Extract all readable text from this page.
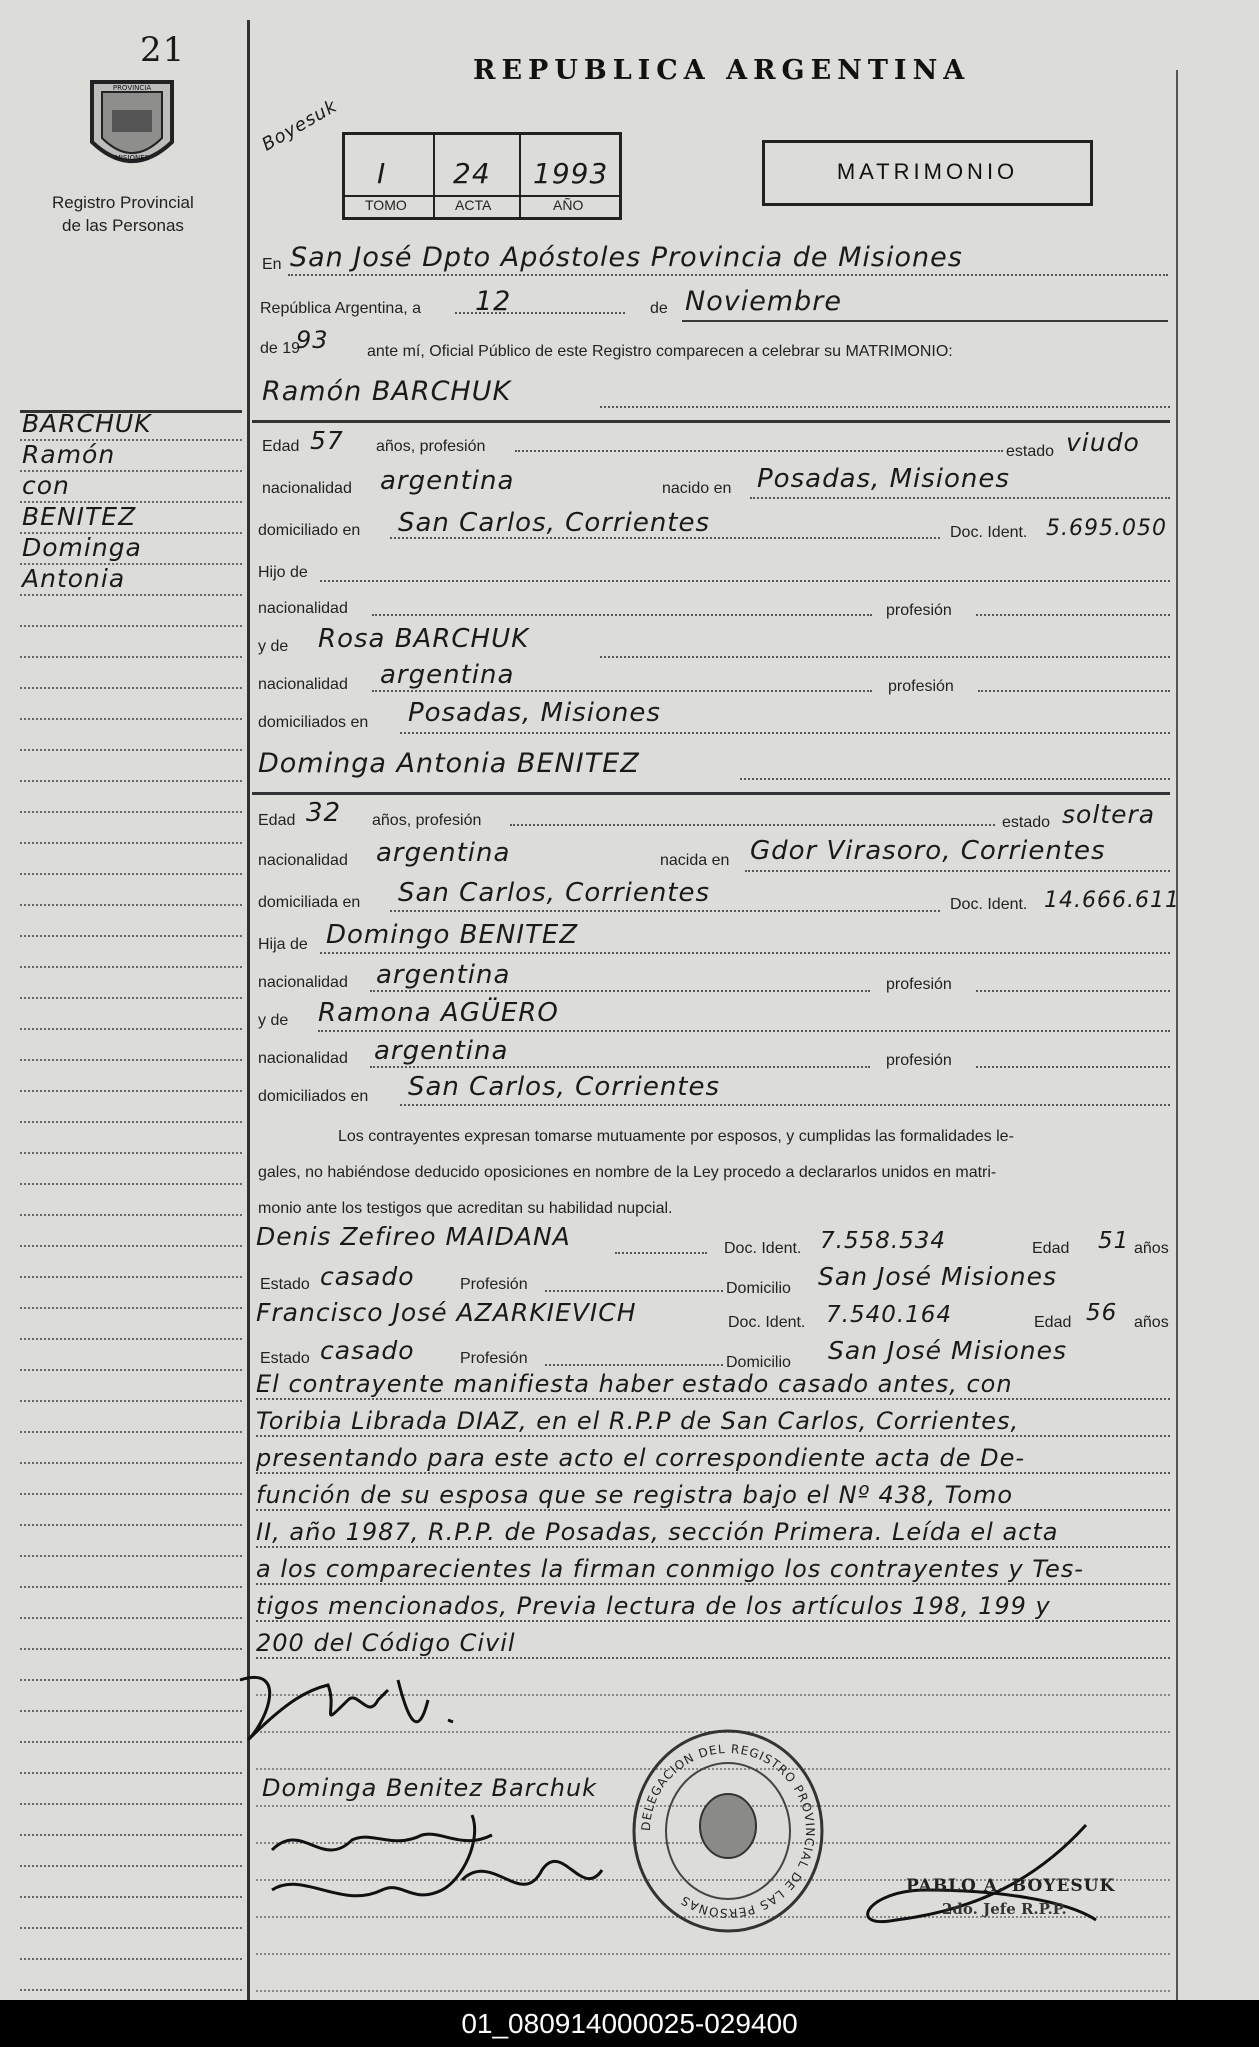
21
PROVINCIA
MISIONES
Registro Provincial
de las Personas
BARCHUK
Ramón
con
BENITEZ
Dominga
Antonia
REPUBLICA ARGENTINA
Boyesuk
I 24 1993
TOMO	ACTA	AÑO
MATRIMONIO
En San José Dpto Apóstoles Provincia de Misiones
República Argentina, a 12	de Noviembre
de 19
93 ante mí, Oficial Público de este Registro comparecen a celebrar su MATRIMONIO:
Ramón BARCHUK
Edad 57 años, profesión	estado viudo
nacionalidad argentina	nacido en Posadas, Misiones
domiciliado en San Carlos, Corrientes	Doc. Ident. 5.695.050
Hijo de
nacionalidad	profesión
y de Rosa BARCHUK
nacionalidad argentina	profesión
domiciliados en Posadas, Misiones
Dominga Antonia BENITEZ
Edad 32 años, profesión	estado soltera
nacionalidad argentina	nacida en Gdor Virasoro, Corrientes
domiciliada en San Carlos, Corrientes	Doc. Ident. 14.666.611
Hija de Domingo BENITEZ
nacionalidad argentina	profesión
y de Ramona AGÜERO
nacionalidad argentina	profesión
domiciliados en San Carlos, Corrientes
Los contrayentes expresan tomarse mutuamente por esposos, y cumplidas las formalidades le-
gales, no habiéndose deducido oposiciones en nombre de la Ley procedo a declararlos unidos en matri-
monio ante los testigos que acreditan su habilidad nupcial.
Denis Zefireo MAIDANA	Doc. Ident. 7.558.534	Edad 51 años
Estado casado	Profesión	Domicilio San José Misiones
Francisco José AZARKIEVICH	Doc. Ident. 7.540.164	Edad 56 años
Estado casado	Profesión	Domicilio San José Misiones
El contrayente manifiesta haber estado casado antes, con
Toribia Librada DIAZ, en el R.P.P de San Carlos, Corrientes,
presentando para este acto el correspondiente acta de De-
función de su esposa que se registra bajo el Nº 438, Tomo
II, año 1987, R.P.P. de Posadas, sección Primera. Leída el acta
a los comparecientes la firman conmigo los contrayentes y Tes-
tigos mencionados, Previa lectura de los artículos 198, 199 y
200 del Código Civil
Dominga Benitez Barchuk
DELEGACION DEL REGISTRO PROVINCIAL DE LAS PERSONAS
PABLO A. BOYESUK
2do. Jefe R.P.P.
01_080914000025-029400
